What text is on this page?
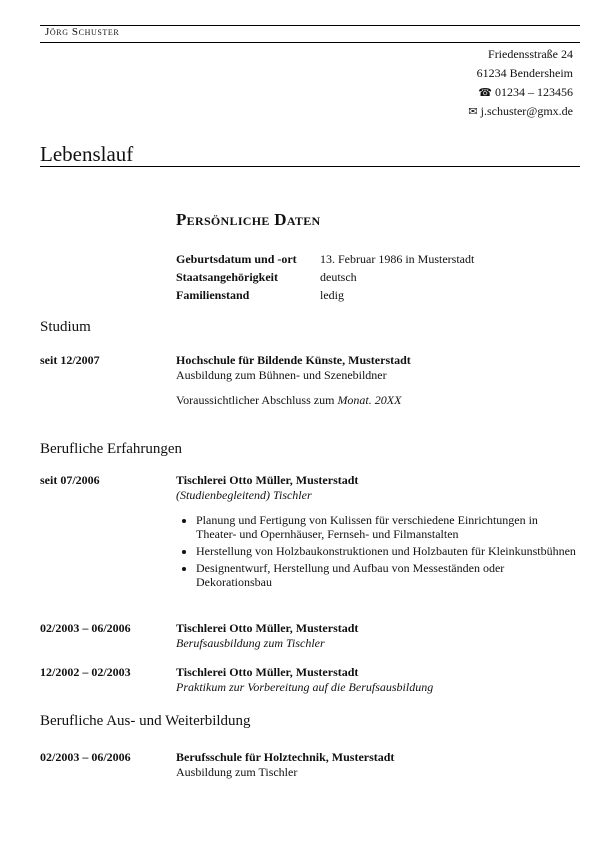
Jörg Schuster
Friedensstraße 24
61234 Bendersheim
☎ 01234 – 123456
✉ j.schuster@gmx.de
Lebenslauf
Persönliche Daten
Geburtsdatum und -ort	13. Februar 1986 in Musterstadt
Staatsangehörigkeit	deutsch
Familienstand	ledig
Studium
seit 12/2007	Hochschule für Bildende Künste, Musterstadt
Ausbildung zum Bühnen- und Szenebildner
Voraussichtlicher Abschluss zum Monat. 20XX
Berufliche Erfahrungen
seit 07/2006	Tischlerei Otto Müller, Musterstadt
(Studienbegleitend) Tischler
• Planung und Fertigung von Kulissen für verschiedene Einrichtungen in Theater- und Opernhäuser, Fernseh- und Filmanstalten
• Herstellung von Holzbaukonstruktionen und Holzbauten für Kleinkunstbühnen
• Designentwurf, Herstellung und Aufbau von Messeständen oder Dekorationsbau
02/2003 – 06/2006	Tischlerei Otto Müller, Musterstadt
Berufsausbildung zum Tischler
12/2002 – 02/2003	Tischlerei Otto Müller, Musterstadt
Praktikum zur Vorbereitung auf die Berufsausbildung
Berufliche Aus- und Weiterbildung
02/2003 – 06/2006	Berufsschule für Holztechnik, Musterstadt
Ausbildung zum Tischler
